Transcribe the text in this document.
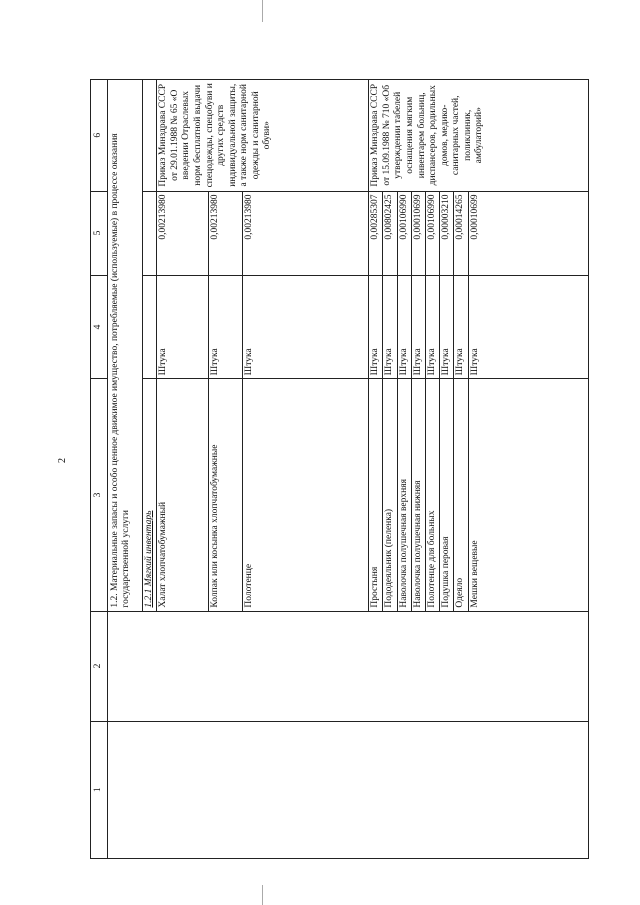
2
1	2	3	4	5	6
		1.2. Материальные запасы и особо ценное движимое имущество, потребляемые (используемые) в процессе оказания государственной услуги			
		1.2.1 Мягкий инвентарь			
		Халат хлопчатобумажный	Штука	0,00213980	Приказ Минздрава СССР от 29.01.1988 № 65 «О введении Отраслевых норм бесплатной выдачи спецодежды, спецобуви и других средств индивидуальной защиты, а также норм санитарной одежды и санитарной обуви»
		Колпак или косынка хлопчатобумажные	Штука	0,00213980	
		Полотенце	Штука	0,00213980	
		Простыня	Штука	0,00285307	Приказ Минздрава СССР от 15.09.1988 № 710 «Об утверждении табелей оснащения мягким инвентарем больниц, диспансеров, родильных домов, медико-санитарных частей, поликлиник, амбулаторий»
		Пододеяльник (пеленка)	Штука	0,00802425	
		Наволочка полушечная верхняя	Штука	0,00106990	
		Наволочка полушечная нижняя	Штука	0,00010699	
		Полотенце для больных	Штука	0,00106990	
		Подушка перовая	Штука	0,00003210	
		Одеяло	Штука	0,00014265	
		Мешки вещевые	Штука	0,00010699	
